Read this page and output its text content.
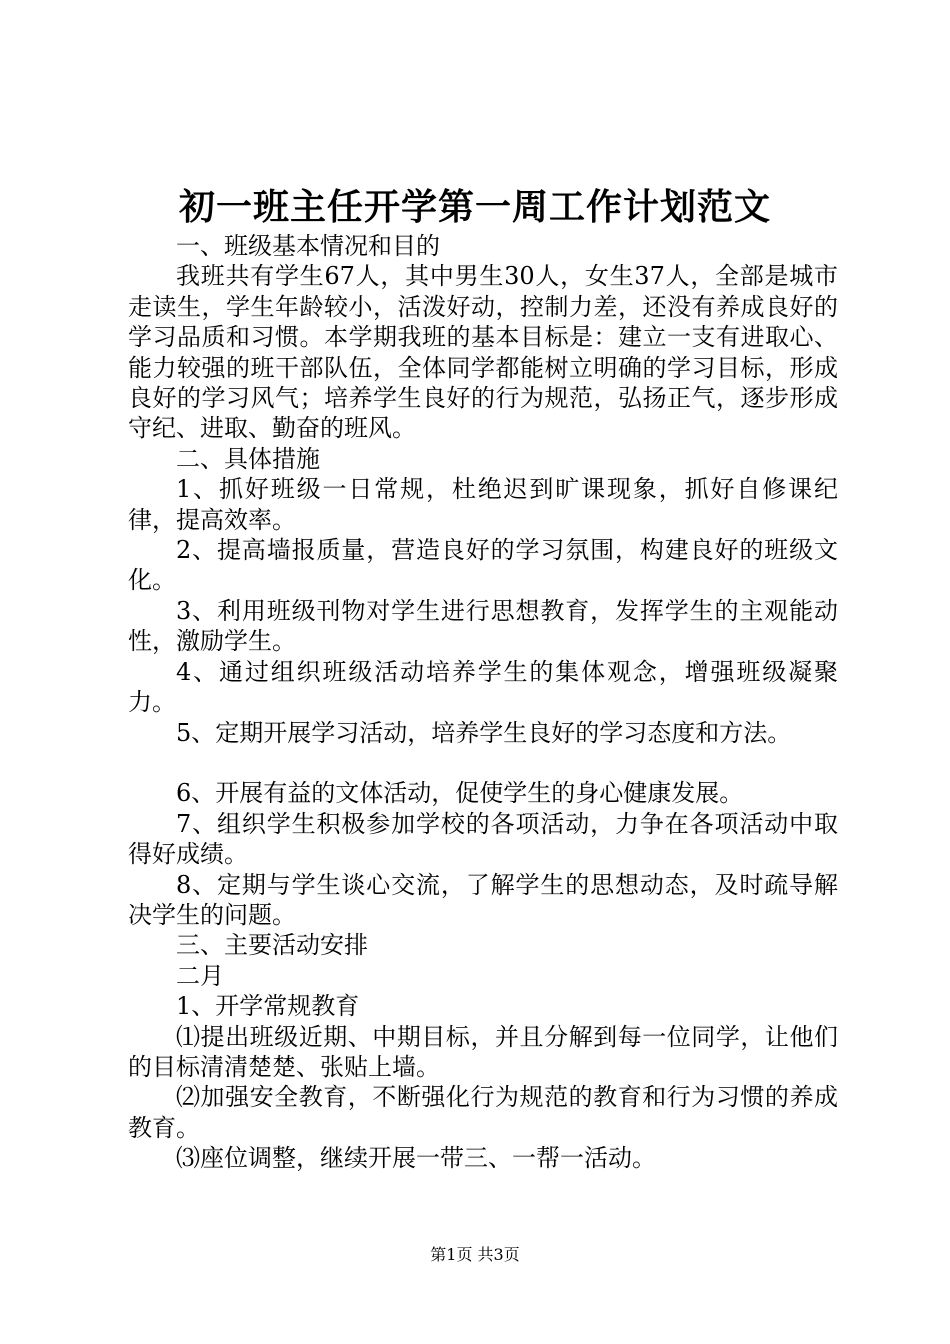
初一班主任开学第一周工作计划范文

一、班级基本情况和目的

我班共有学生67人，其中男生30人，女生37人，全部是城市走读生，学生年龄较小，活泼好动，控制力差，还没有养成良好的学习品质和习惯。本学期我班的基本目标是：建立一支有进取心、能力较强的班干部队伍，全体同学都能树立明确的学习目标，形成良好的学习风气；培养学生良好的行为规范，弘扬正气，逐步形成守纪、进取、勤奋的班风。

二、具体措施

1、抓好班级一日常规，杜绝迟到旷课现象，抓好自修课纪律，提高效率。

2、提高墙报质量，营造良好的学习氛围，构建良好的班级文化。

3、利用班级刊物对学生进行思想教育，发挥学生的主观能动性，激励学生。

4、通过组织班级活动培养学生的集体观念，增强班级凝聚力。

5、定期开展学习活动，培养学生良好的学习态度和方法。

6、开展有益的文体活动，促使学生的身心健康发展。

7、组织学生积极参加学校的各项活动，力争在各项活动中取得好成绩。

8、定期与学生谈心交流，了解学生的思想动态，及时疏导解决学生的问题。

三、主要活动安排

二月

1、开学常规教育

⑴提出班级近期、中期目标，并且分解到每一位同学，让他们的目标清清楚楚、张贴上墙。

⑵加强安全教育，不断强化行为规范的教育和行为习惯的养成教育。

⑶座位调整，继续开展一带三、一帮一活动。

第1页 共3页
